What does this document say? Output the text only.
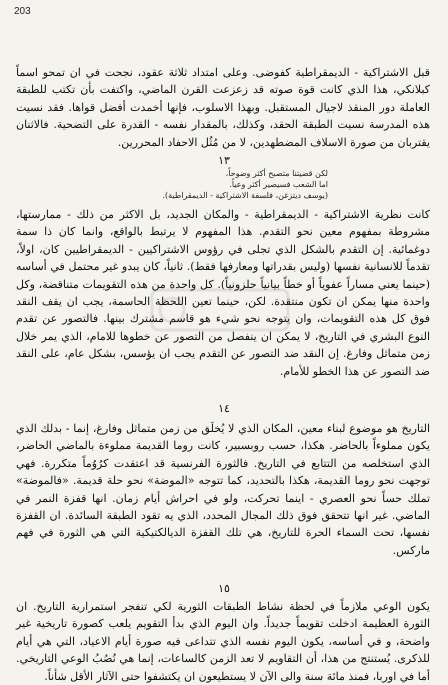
203
قبل الاشتراكية - الديمقراطية كفوضى. وعلى امتداد ثلاثة عقود، نجحت في ان تمحو اسماً كبلانكي، هذا الذي كانت قوة صوته قد زعزعت القرن الماضي، واكتفت بأن تكتب للطبقة العاملة دور المنقذ لاجيال المستقبل. وبهذا الاسلوب، فإنها أخمدت أفضل قواها. فقد نسيت هذه المدرسة نسيت الطبقة الحقد، وكذلك، بالمقدار نفسه - القدرة على التضحية. فالاثنان يقتربان من صورة الاسلاف المضطهدين، لا من مُثُل الاحفاد المحررين.
١٣
لكن قضيتنا متصبح أكثر وضوحاً،
اما الشعب فسيصير أكثر وعياً.
(يوسف ديتزغن، فلسفة الاشتراكية - الديمقراطية).
كانت نظرية الاشتراكية - الديمقراطية - والمكان الجديد، بل الاكثر من ذلك - ممارستها، مشروطة بمفهوم معين نحو التقدم. هذا المفهوم لا يرتبط بالواقع، وانما كان ذا سمة دوغمائية. إن التقدم بالشكل الذي تجلى في رؤوس الاشتراكيين - الديمقراطيين كان، اولاً، تقدماً للانسانية نفسها (وليس بقدراتها ومعارفها فقط). ثانياً، كان يبدو غير محتمل في أساسه (حينما يعني مساراً عفوياً أو خطاً بيانياً حلزونياً). كل واحدة من هذه التقويمات متناقضة، وكل واحدة منها يمكن ان تكون منتقدة. لكن، حينما تعين اللحظة الحاسمة، يجب ان يقف النقد فوق كل هذه التقويمات، وان يتوجه نحو شيء هو قاسم مشترك بينها. فالتصور عن تقدم النوع البشري في التاريخ، لا يمكن ان ينفصل من التصور عن خطوها للامام، الذي يمر خلال زمن متماثل وفارغ. إن النقد ضد التصور عن التقدم يجب ان يؤسس، بشكل عام، على النقد ضد التصور عن هذا الخطو للأمام.
١٤
التاريخ هو موضوع لبناء معين، المكان الذي لا يُخلَق من زمن متماثل وفارغ، إنما - بدلك الذي يكون مملوءاً بالحاضر. هكذا، حسب روبسبير، كانت روما القديمة مملوءة بالماضي الحاضر، الذي استخلصه من التتابع في التاريخ. فالثورة الفرنسية قد اعتقدت كرُوُماً متكررة. فهي توجهت نحو روما القديمة، هكذا بالتحديد، كما تتوجه «الموضة» نحو حلة قديمة. «فالموضة» تملك حساً نحو العصري - اينما تحركت، ولو في احراش أيام زمان. انها قفزة النمر في الماضي. غير انها تتحقق فوق ذلك المجال المحدد، الذي يه تقود الطبقة السائدة. ان القفزة نفسها، تحت السماء الحرة للتاريخ، هي تلك القفزة الديالكتيكية التي هي الثورة في فهم ماركس.
١٥
يكون الوعي ملازماً في لحظة نشاط الطبقات الثورية لكي تنفجر استمرارية التاريخ. ان الثورة العظيمة ادخلت تقويماً جديداً. وان اليوم الذي بدأ التقويم يلعب كصورة تاريخية غير واضحة، و في أساسه، يكون اليوم نفسه الذي تتداعى فيه صورة أيام الاعياد، التي هي أيام للذكرى. يُستنتج من هذا، أن التقاويم لا تعد الزمن كالساعات، إنما هي نُصُبُ الوعي التاريخي. أما في اوربا، فمنذ مائة سنة والى الآن لا يستطيعون ان يكتشفوا حتى الآثار الأقل شأناً.
